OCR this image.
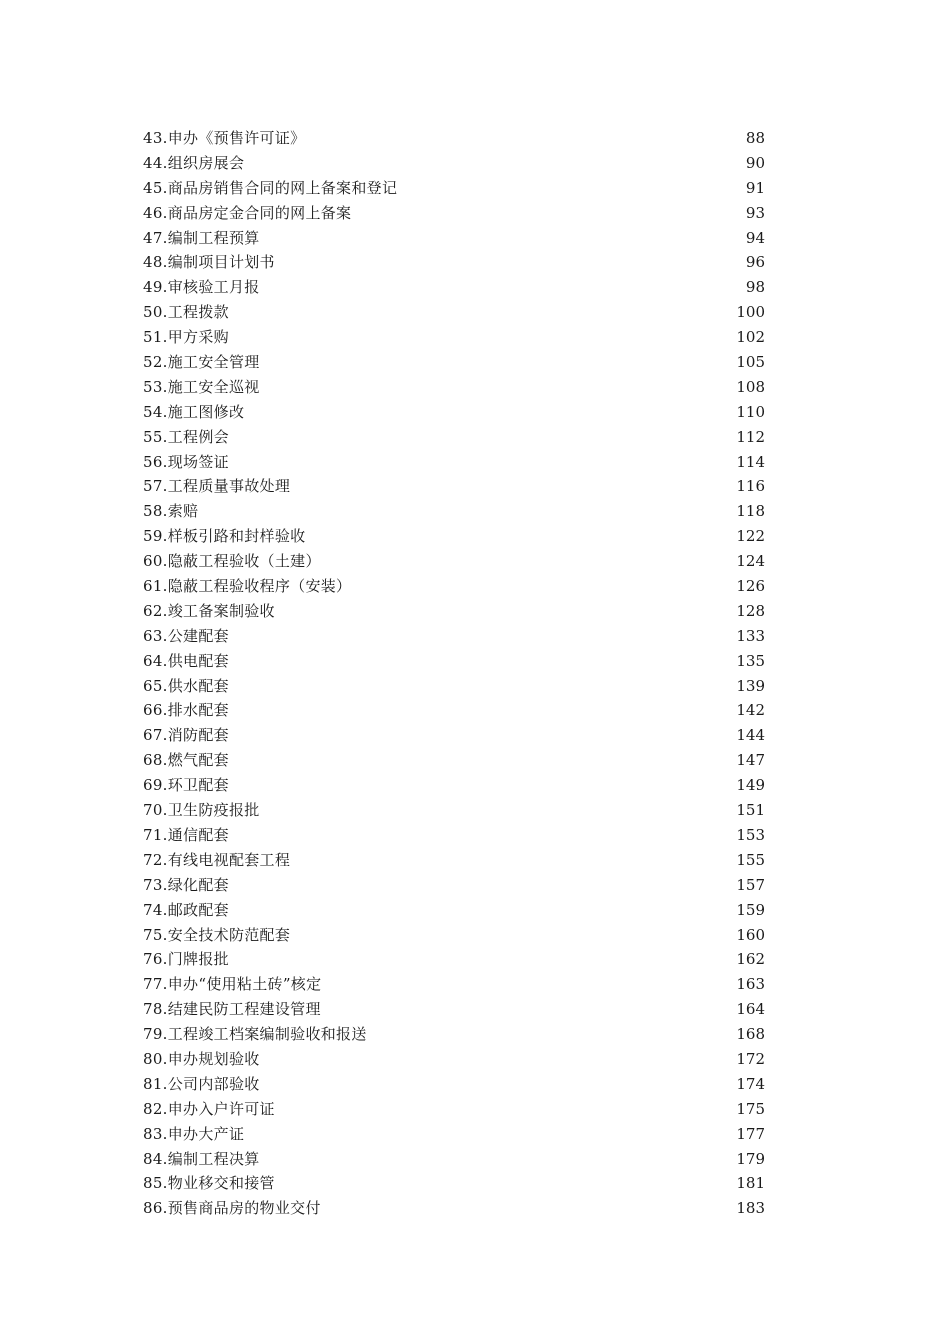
43.申办《预售许可证》	88
44.组织房展会	90
45.商品房销售合同的网上备案和登记	91
46.商品房定金合同的网上备案	93
47.编制工程预算	94
48.编制项目计划书	96
49.审核验工月报	98
50.工程拨款	100
51.甲方采购	102
52.施工安全管理	105
53.施工安全巡视	108
54.施工图修改	110
55.工程例会	112
56.现场签证	114
57.工程质量事故处理	116
58.索赔	118
59.样板引路和封样验收	122
60.隐蔽工程验收（土建）	124
61.隐蔽工程验收程序（安装）	126
62.竣工备案制验收	128
63.公建配套	133
64.供电配套	135
65.供水配套	139
66.排水配套	142
67.消防配套	144
68.燃气配套	147
69.环卫配套	149
70.卫生防疫报批	151
71.通信配套	153
72.有线电视配套工程	155
73.绿化配套	157
74.邮政配套	159
75.安全技术防范配套	160
76.门牌报批	162
77.申办“使用粘土砖”核定	163
78.结建民防工程建设管理	164
79.工程竣工档案编制验收和报送	168
80.申办规划验收	172
81.公司内部验收	174
82.申办入户许可证	175
83.申办大产证	177
84.编制工程决算	179
85.物业移交和接管	181
86.预售商品房的物业交付	183
